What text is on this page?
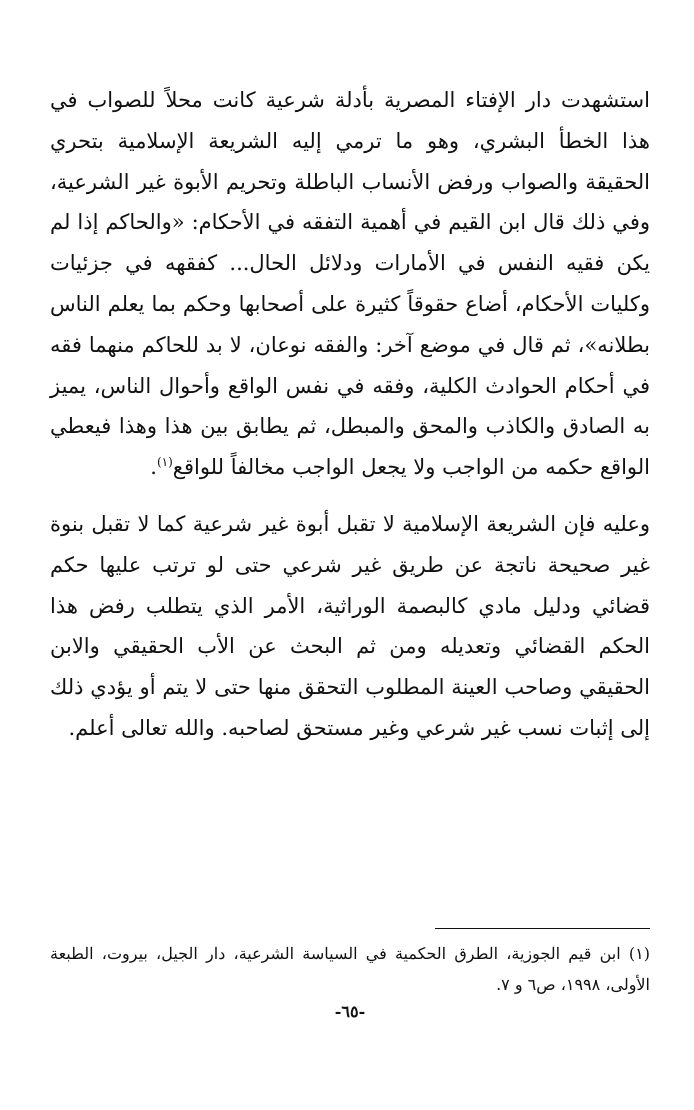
استشهدت دار الإفتاء المصرية بأدلة شرعية كانت محلاً للصواب في هذا الخطأ البشري، وهو ما ترمي إليه الشريعة الإسلامية بتحري الحقيقة والصواب ورفض الأنساب الباطلة وتحريم الأبوة غير الشرعية، وفي ذلك قال ابن القيم في أهمية التفقه في الأحكام: «والحاكم إذا لم يكن فقيه النفس في الأمارات ودلائل الحال... كفقهه في جزئيات وكليات الأحكام، أضاع حقوقاً كثيرة على أصحابها وحكم بما يعلم الناس بطلانه»، ثم قال في موضع آخر: والفقه نوعان، لا بد للحاكم منهما فقه في أحكام الحوادث الكلية، وفقه في نفس الواقع وأحوال الناس، يميز به الصادق والكاذب والمحق والمبطل، ثم يطابق بين هذا وهذا فيعطي الواقع حكمه من الواجب ولا يجعل الواجب مخالفاً للواقع$^{(١)}$.

وعليه فإن الشريعة الإسلامية لا تقبل أبوة غير شرعية كما لا تقبل بنوة غير صحيحة ناتجة عن طريق غير شرعي حتى لو ترتب عليها حكم قضائي ودليل مادي كالبصمة الوراثية، الأمر الذي يتطلب رفض هذا الحكم القضائي وتعديله ومن ثم البحث عن الأب الحقيقي والابن الحقيقي وصاحب العينة المطلوب التحقق منها حتى لا يتم أو يؤدي ذلك إلى إثبات نسب غير شرعي وغير مستحق لصاحبه. والله تعالى أعلم.

(١) ابن قيم الجوزية، الطرق الحكمية في السياسة الشرعية، دار الجيل، بيروت، الطبعة الأولى، ١٩٩٨، ص٦ و ٧.

-٦٥-
